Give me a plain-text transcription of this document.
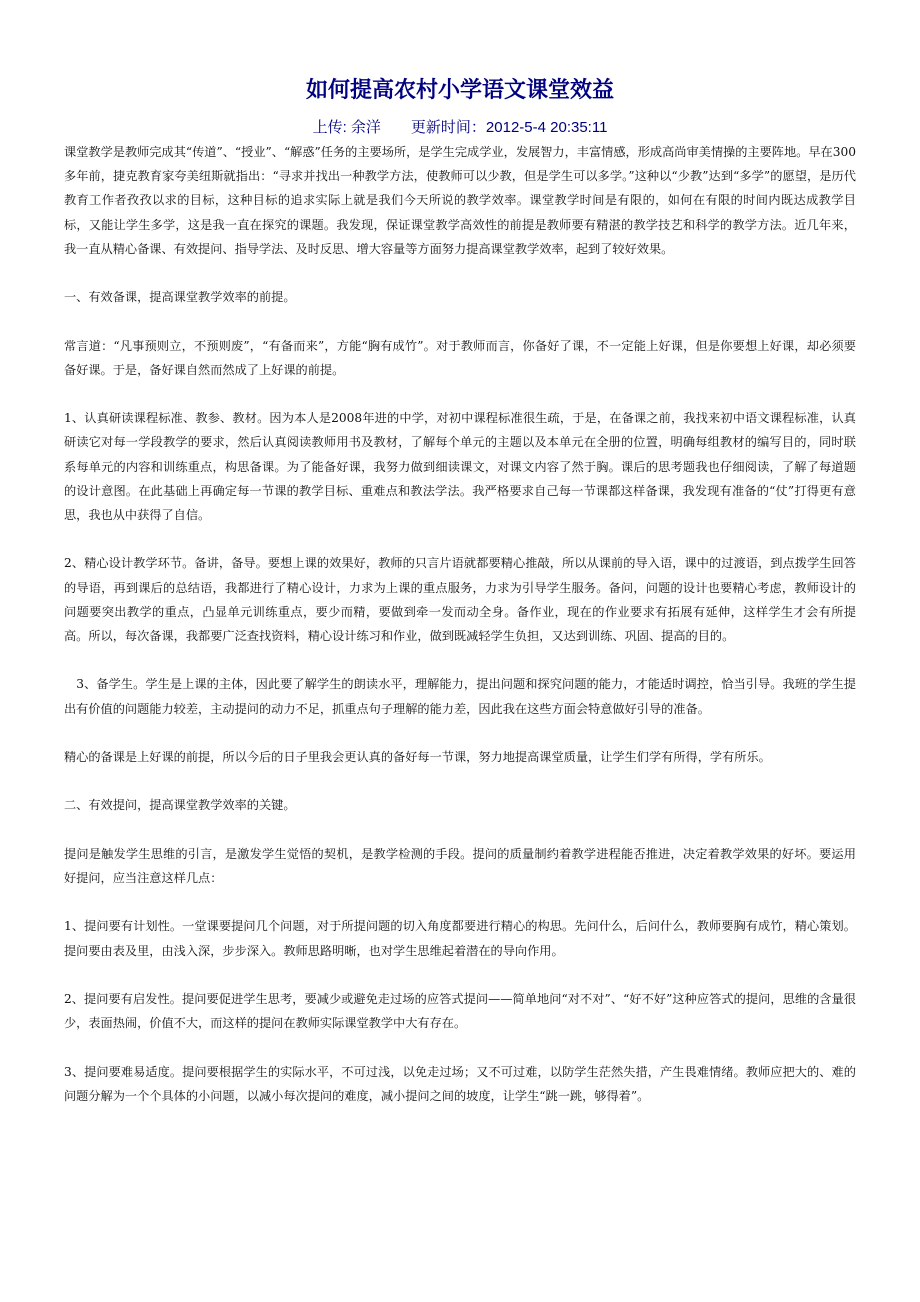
如何提高农村小学语文课堂效益
上传: 余洋 更新时间：2012-5-4 20:35:11

课堂教学是教师完成其“传道”、“授业”、“解惑”任务的主要场所，是学生完成学业，发展智力，丰富情感，形成高尚审美情操的主要阵地。早在300多年前，捷克教育家夸美纽斯就指出：“寻求并找出一种教学方法，使教师可以少教，但是学生可以多学。”这种以“少教”达到“多学”的愿望，是历代教育工作者孜孜以求的目标，这种目标的追求实际上就是我们今天所说的教学效率。课堂教学时间是有限的，如何在有限的时间内既达成教学目标，又能让学生多学，这是我一直在探究的课题。我发现，保证课堂教学高效性的前提是教师要有精湛的教学技艺和科学的教学方法。近几年来，我一直从精心备课、有效提问、指导学法、及时反思、增大容量等方面努力提高课堂教学效率，起到了较好效果。

一、有效备课，提高课堂教学效率的前提。

常言道：“凡事预则立，不预则废”，“有备而来”，方能“胸有成竹”。对于教师而言，你备好了课，不一定能上好课，但是你要想上好课，却必须要备好课。于是，备好课自然而然成了上好课的前提。

1、认真研读课程标准、教参、教材。因为本人是2008年进的中学，对初中课程标准很生疏，于是，在备课之前，我找来初中语文课程标准，认真研读它对每一学段教学的要求，然后认真阅读教师用书及教材，了解每个单元的主题以及本单元在全册的位置，明确每组教材的编写目的，同时联系每单元的内容和训练重点，构思备课。为了能备好课，我努力做到细读课文，对课文内容了然于胸。课后的思考题我也仔细阅读，了解了每道题的设计意图。在此基础上再确定每一节课的教学目标、重难点和教法学法。我严格要求自己每一节课都这样备课，我发现有准备的“仗”打得更有意思，我也从中获得了自信。

2、精心设计教学环节。备讲，备导。要想上课的效果好，教师的只言片语就都要精心推敲，所以从课前的导入语，课中的过渡语，到点拨学生回答的导语，再到课后的总结语，我都进行了精心设计，力求为上课的重点服务，力求为引导学生服务。备问，问题的设计也要精心考虑，教师设计的问题要突出教学的重点，凸显单元训练重点，要少而精，要做到牵一发而动全身。备作业，现在的作业要求有拓展有延伸，这样学生才会有所提高。所以，每次备课，我都要广泛查找资料，精心设计练习和作业，做到既减轻学生负担，又达到训练、巩固、提高的目的。

　3、备学生。学生是上课的主体，因此要了解学生的朗读水平，理解能力，提出问题和探究问题的能力，才能适时调控，恰当引导。我班的学生提出有价值的问题能力较差，主动提问的动力不足，抓重点句子理解的能力差，因此我在这些方面会特意做好引导的准备。

精心的备课是上好课的前提，所以今后的日子里我会更认真的备好每一节课，努力地提高课堂质量，让学生们学有所得，学有所乐。

二、有效提问，提高课堂教学效率的关键。

提问是触发学生思维的引言，是激发学生觉悟的契机，是教学检测的手段。提问的质量制约着教学进程能否推进，决定着教学效果的好坏。要运用好提问，应当注意这样几点：

1、提问要有计划性。一堂课要提问几个问题，对于所提问题的切入角度都要进行精心的构思。先问什么，后问什么，教师要胸有成竹，精心策划。提问要由表及里，由浅入深，步步深入。教师思路明晰，也对学生思维起着潜在的导向作用。

2、提问要有启发性。提问要促进学生思考，要减少或避免走过场的应答式提问——简单地问“对不对”、“好不好”这种应答式的提问，思维的含量很少，表面热闹，价值不大，而这样的提问在教师实际课堂教学中大有存在。

3、提问要难易适度。提问要根据学生的实际水平，不可过浅，以免走过场；又不可过难，以防学生茫然失措，产生畏难情绪。教师应把大的、难的问题分解为一个个具体的小问题，以减小每次提问的难度，减小提问之间的坡度，让学生“跳一跳，够得着”。
